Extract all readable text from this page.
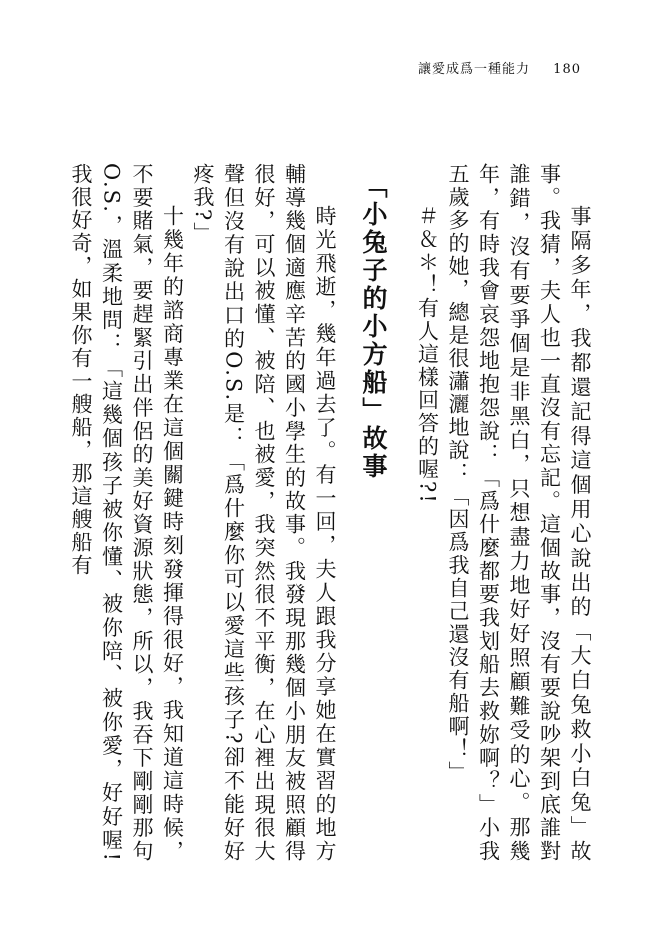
讓愛成爲一種能力 180

事隔多年，我都還記得這個用心說出的「大白兔救小白兔」故事。我猜，夫人也一直沒有忘記。這個故事，沒有要說吵架到底誰對誰錯，沒有要爭個是非黑白，只想盡力地好好照顧難受的心。那幾年，有時我會哀怨地抱怨說：「爲什麼都要我划船去救妳啊？」小我五歲多的她，總是很瀟灑地說：「因爲我自己還沒有船啊！」

＃＆＊！有人這樣回答的喔?!

「小兔子的小方船」故事

時光飛逝，幾年過去了。有一回，夫人跟我分享她在實習的地方輔導幾個適應辛苦的國小學生的故事。我發現那幾個小朋友被照顧得很好，可以被懂、被陪、也被愛，我突然很不平衡，在心裡出現很大聲但沒有說出口的O.S.是：「爲什麼你可以愛這些孩子?卻不能好好疼我?」

十幾年的諮商專業在這個關鍵時刻發揮得很好，我知道這時候，不要賭氣，要趕緊引出伴侶的美好資源狀態，所以，我吞下剛剛那句O.S.，溫柔地問：「這幾個孩子被你懂、被你陪、被你愛，好好喔!我很好奇，如果你有一艘船，那這艘船有
